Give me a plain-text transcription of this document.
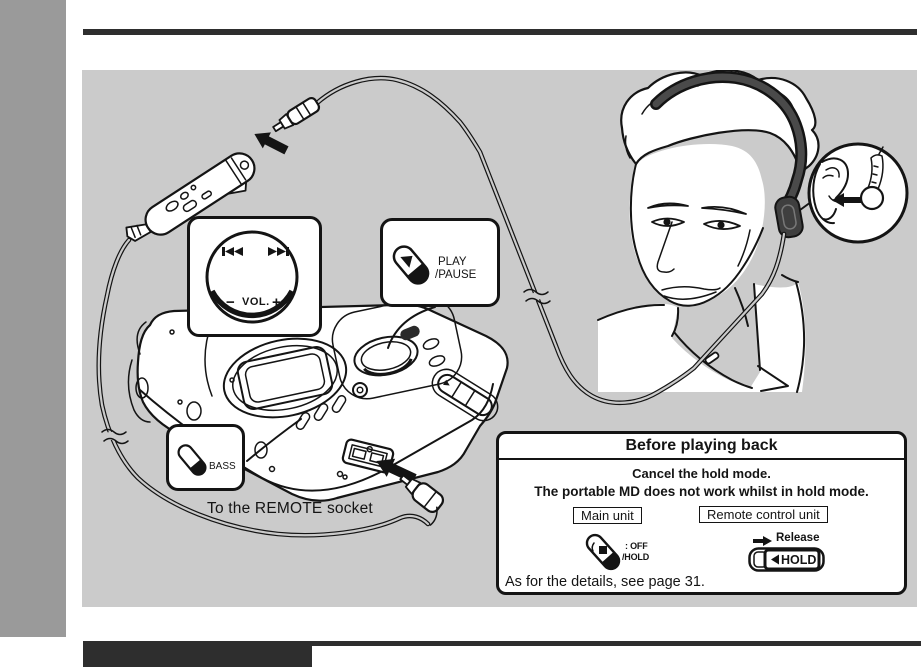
− VOL. +
PLAY
/PAUSE
BASS
To the REMOTE socket
Before playing back
Cancel the hold mode.
The portable MD does not work whilst in hold mode.
Main unit	Remote control unit
: OFF
/HOLD
Release
HOLD
As for the details, see page 31.
